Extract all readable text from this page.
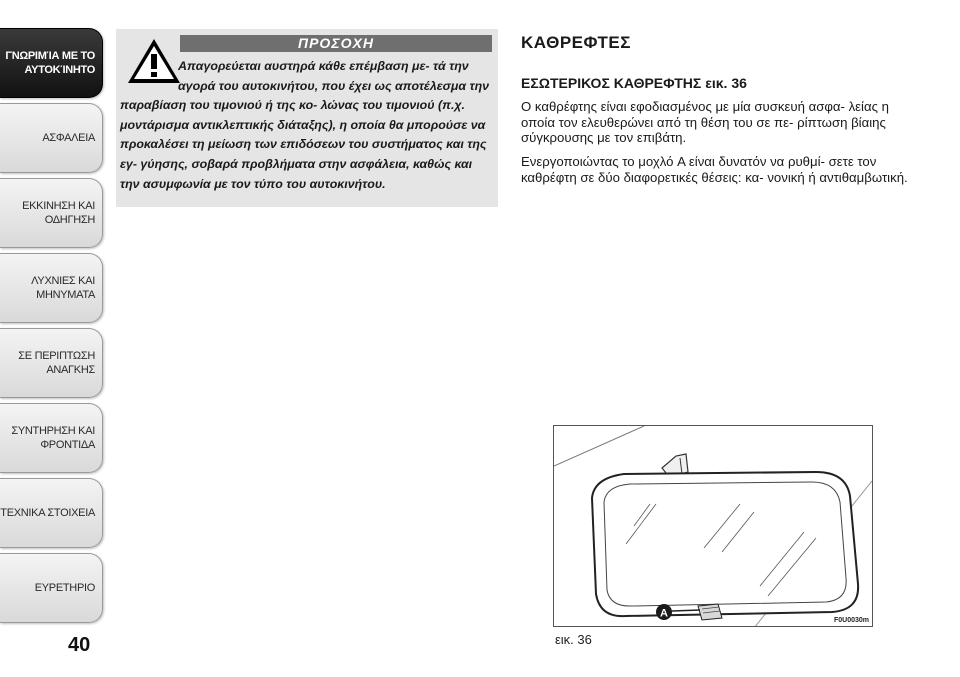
ΓΝΩΡΙΜΊΑ ΜΕ ΤΟ
ΑΥΤΟΚΊΝΗΤΟ
ΑΣΦΑΛΕΙΑ
ΕΚΚΙΝΗΣΗ ΚΑΙ
ΟΔΗΓΗΣΗ
ΛΥΧΝΙΕΣ ΚΑΙ
ΜΗΝΥΜΑΤΑ
ΣΕ ΠΕΡΙΠΤΩΣΗ
ΑΝΑΓΚΗΣ
ΣΥΝΤΗΡΗΣΗ ΚΑΙ
ΦΡΟΝΤΙΔΑ
ΤΕΧΝΙΚΑ ΣΤΟΙΧΕΙΑ
ΕΥΡΕΤΗΡΙΟ
40
ΠΡΟΣΟΧΗ
Απαγορεύεται αυστηρά κάθε επέμβαση με- τά την αγορά του αυτοκινήτου, που έχει ως αποτέλεσμα την παραβίαση του τιμονιού ή της κο- λώνας του τιμονιού (π.χ. μοντάρισμα αντικλεπτικής διάταξης), η οποία θα μπορούσε να προκαλέσει τη μείωση των επιδόσεων του συστήματος και της εγ- γύησης, σοβαρά προβλήματα στην ασφάλεια, καθώς και την ασυμφωνία με τον τύπο του αυτοκινήτου.
ΚΑΘΡΕΦΤΕΣ
ΕΣΩΤΕΡΙΚΟΣ ΚΑΘΡΕΦΤΗΣ εικ. 36
Ο καθρέφτης είναι εφοδιασμένος με μία συσκευή ασφα- λείας η οποία τον ελευθερώνει από τη θέση του σε πε- ρίπτωση βίαιης σύγκρουσης με τον επιβάτη.
Ενεργοποιώντας το μοχλό A είναι δυνατόν να ρυθμί- σετε τον καθρέφτη σε δύο διαφορετικές θέσεις: κα- νονική ή αντιθαμβωτική.
A
F0U0030m
εικ. 36
